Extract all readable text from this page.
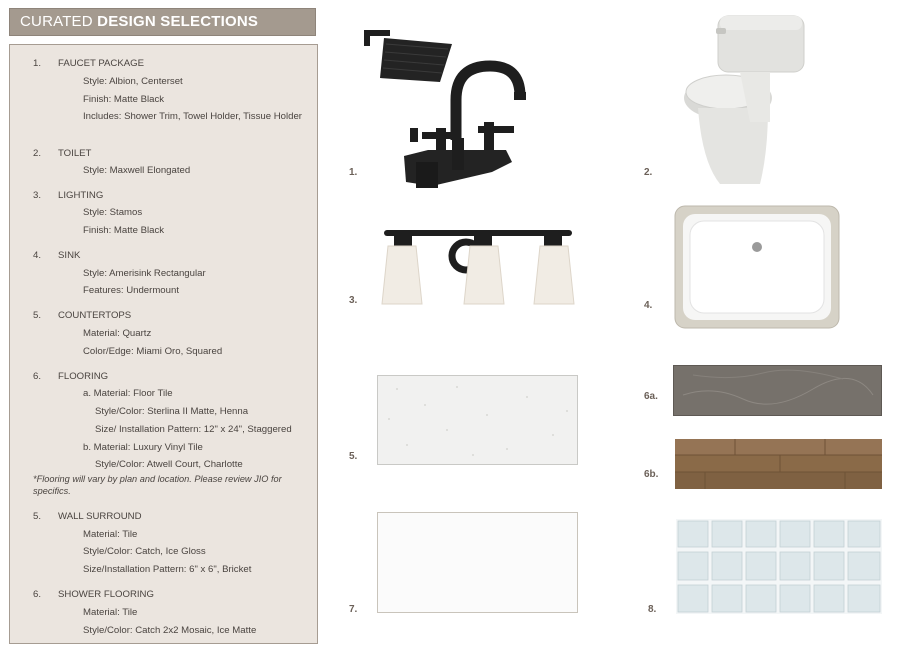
CURATED DESIGN SELECTIONS
1. FAUCET PACKAGE
Style: Albion, Centerset
Finish: Matte Black
Includes: Shower Trim, Towel Holder, Tissue Holder
2. TOILET
Style: Maxwell Elongated
3. LIGHTING
Style: Stamos
Finish: Matte Black
4. SINK
Style: Amerisink Rectangular
Features: Undermount
5. COUNTERTOPS
Material: Quartz
Color/Edge: Miami Oro, Squared
6. FLOORING
a. Material: Floor Tile
Style/Color: Sterlina II Matte, Henna
Size/ Installation Pattern: 12" x 24", Staggered
b. Material: Luxury Vinyl Tile
Style/Color: Atwell Court, Charlotte
*Flooring will vary by plan and location. Please review JIO for specifics.
5. WALL SURROUND
Material: Tile
Style/Color: Catch, Ice Gloss
Size/Installation Pattern: 6" x 6", Bricket
6. SHOWER FLOORING
Material: Tile
Style/Color: Catch 2x2 Mosaic, Ice Matte
1.	2.
3.	4.
5.
6a.
6b.
7.	8.
